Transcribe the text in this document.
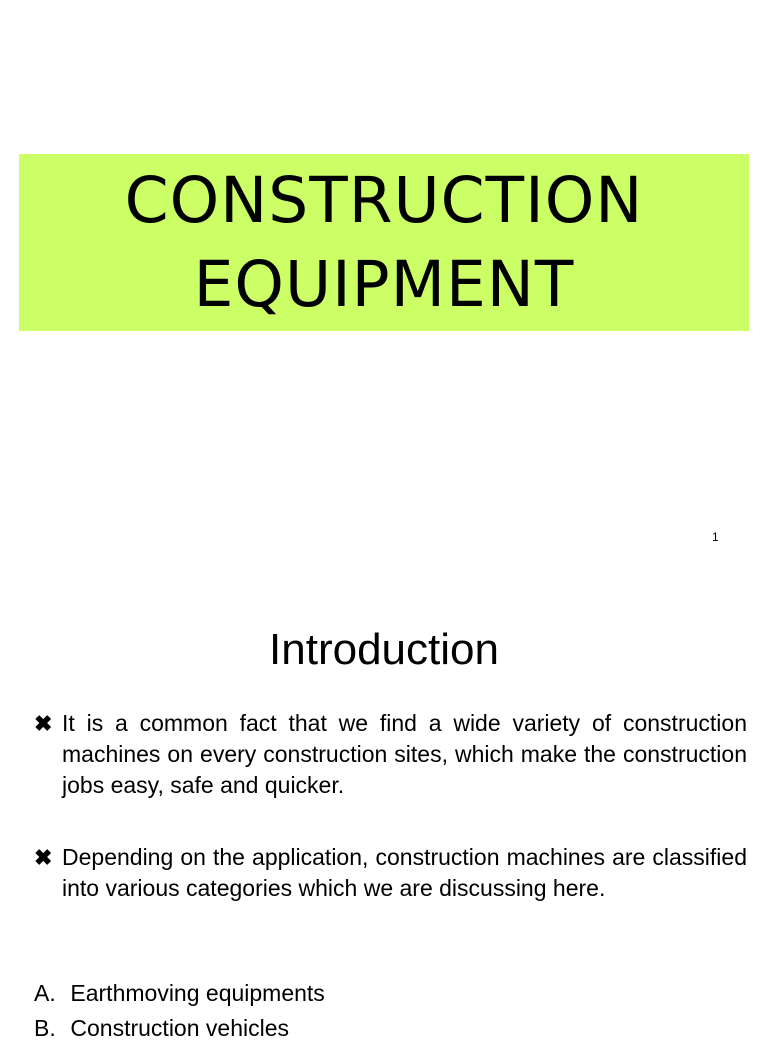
CONSTRUCTION
EQUIPMENT
1
Introduction
✖ It is a common fact that we find a wide variety of construction machines on every construction sites, which make the construction jobs easy, safe and quicker.
✖ Depending on the application, construction machines are classified into various categories which we are discussing here.
A. Earthmoving equipments
B. Construction vehicles
